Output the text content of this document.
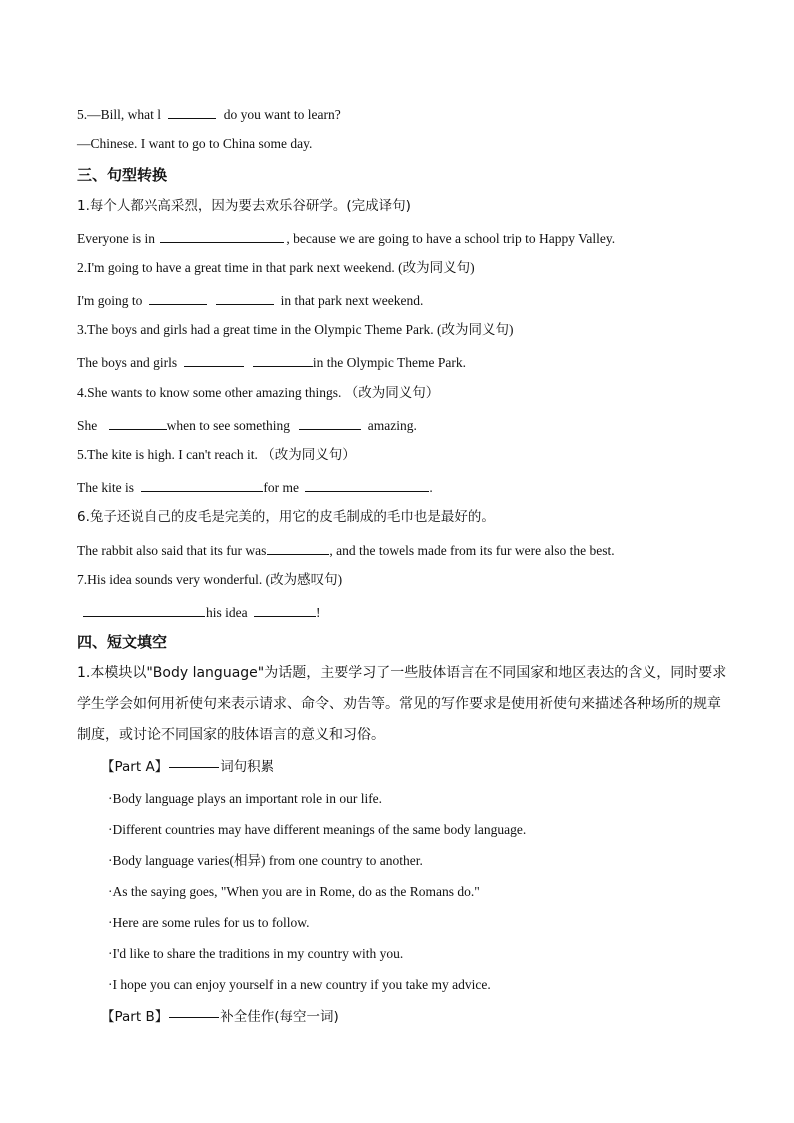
5.—Bill, what l	do you want to learn?
—Chinese. I want to go to China some day.
三、句型转换
1.每个人都兴高采烈，因为要去欢乐谷研学。(完成译句)
Everyone is in	, because we are going to have a school trip to Happy Valley.
2.I'm going to have a great time in that park next weekend. (改为同义句)
I'm going to	in that park next weekend.
3.The boys and girls had a great time in the Olympic Theme Park. (改为同义句)
The boys and girls	in the Olympic Theme Park.
4.She wants to know some other amazing things. （改为同义句）
She	when to see something	amazing.
5.The kite is high. I can't reach it. （改为同义句）
The kite is	for me	.
6.兔子还说自己的皮毛是完美的，用它的皮毛制成的毛巾也是最好的。
The rabbit also said that its fur was	, and the towels made from its fur were also the best.
7.His idea sounds very wonderful. (改为感叹句)
his idea	!
四、短文填空
1.本模块以"Body language"为话题，主要学习了一些肢体语言在不同国家和地区表达的含义，同时要求学生学会如何用祈使句来表示请求、命令、劝告等。常见的写作要求是使用祈使句来描述各种场所的规章制度，或讨论不同国家的肢体语言的意义和习俗。
【Part A】	词句积累
·Body language plays an important role in our life.
·Different countries may have different meanings of the same body language.
·Body language varies(相异) from one country to another.
·As the saying goes, "When you are in Rome, do as the Romans do."
·Here are some rules for us to follow.
·I'd like to share the traditions in my country with you.
·I hope you can enjoy yourself in a new country if you take my advice.
【Part B】	补全佳作(每空一词)
